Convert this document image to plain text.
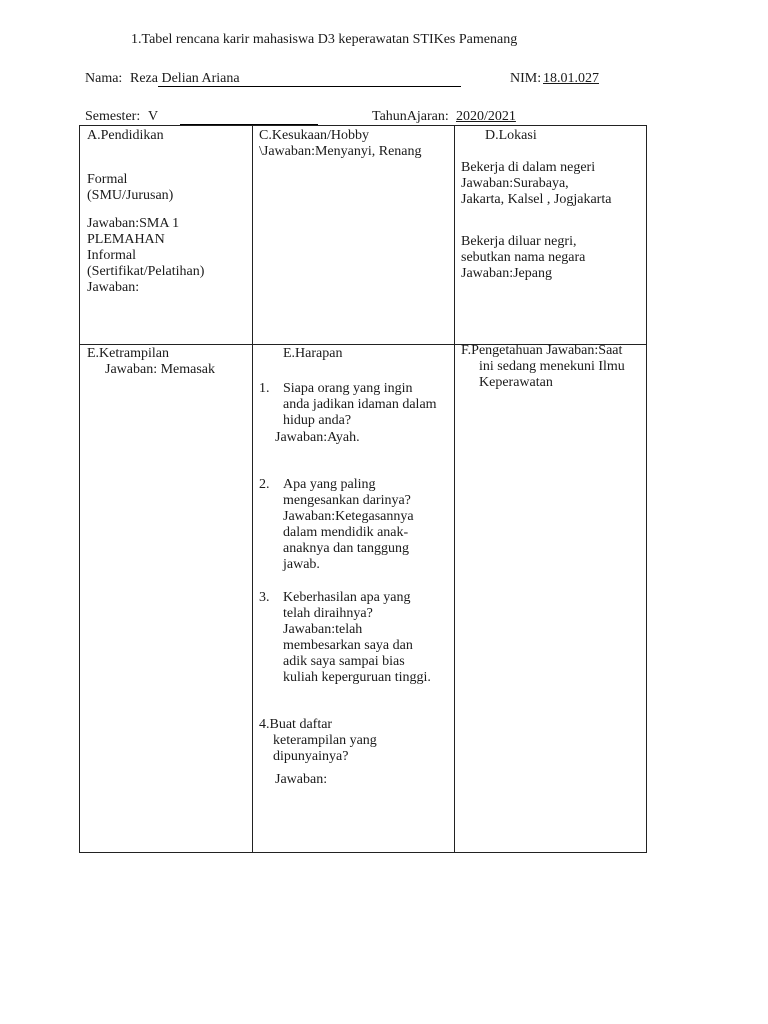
1.Tabel rencana karir mahasiswa D3 keperawatan STIKes Pamenang
Nama: Reza Delian Ariana	NIM: 18.01.027
Semester: V	TahunAjaran: 2020/2021
A.Pendidikan
Formal
(SMU/Jurusan)
Jawaban:SMA 1
PLEMAHAN
Informal
(Sertifikat/Pelatihan)
Jawaban:
C.Kesukaan/Hobby
\Jawaban:Menyanyi, Renang
D.Lokasi
Bekerja di dalam negeri
Jawaban:Surabaya,
Jakarta, Kalsel , Jogjakarta
Bekerja diluar negri,
sebutkan nama negara
Jawaban:Jepang
E.Ketrampilan
Jawaban: Memasak
E.Harapan
1. Siapa orang yang ingin
anda jadikan idaman dalam
hidup anda?
Jawaban:Ayah.
2. Apa yang paling
mengesankan darinya?
Jawaban:Ketegasannya
dalam mendidik anak-
anaknya dan tanggung
jawab.
3. Keberhasilan apa yang
telah diraihnya?
Jawaban:telah
membesarkan saya dan
adik saya sampai bias
kuliah keperguruan tinggi.
4.Buat daftar
keterampilan yang
dipunyainya?
Jawaban:
F.Pengetahuan Jawaban:Saat
ini sedang menekuni Ilmu
Keperawatan
